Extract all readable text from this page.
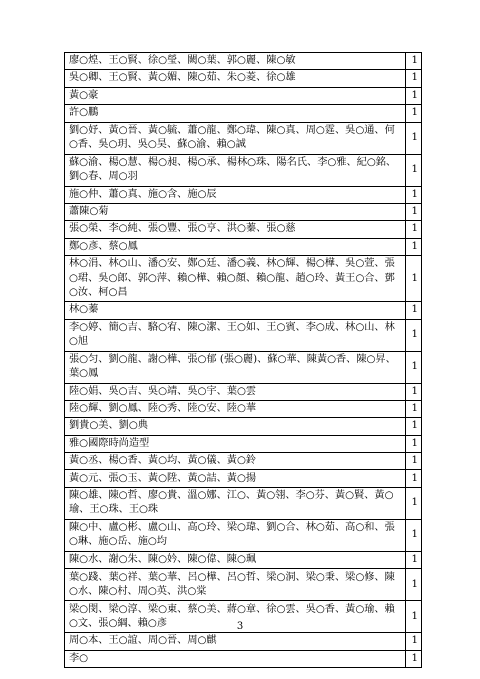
廖○煌、王○賢、徐○瑩、闕○葉、郭○麗、陳○敏	1
吳○卿、王○賢、黃○媚、陳○茹、朱○菱、徐○雄	1
黃○豪	1
許○鵬	1
劉○妤、黃○晉、黃○毓、蕭○龍、鄭○瑋、陳○真、周○霆、吳○通、何○香、吳○玥、吳○昊、蘇○渝、賴○誠	1
蘇○渝、楊○慧、楊○昶、楊○承、楊林○珠、陽名氏、李○雅、紀○銘、劉○春、周○羽	1
施○仲、蕭○真、施○含、施○辰	1
蕭陳○菊	1
張○榮、李○純、張○豐、張○亨、洪○蓁、張○慈	1
鄭○彥、蔡○鳳	1
林○涓、林○山、潘○安、鄭○廷、潘○義、林○輝、楊○樺、吳○萱、張○珺、吳○郎、郭○萍、賴○樺、賴○顏、賴○龍、趙○玲、黃王○合、鄧○汝、柯○昌	1
林○蓁	1
李○婷、簡○吉、駱○宥、陳○潔、王○如、王○賓、李○成、林○山、林○旭	1
張○匀、劉○龍、謝○樺、張○郁 (張○麗)、蘇○華、陳黃○香、陳○昇、葉○鳳	1
陸○娟、吳○吉、吳○靖、吳○宇、葉○雲	1
陸○輝、劉○鳳、陸○秀、陸○安、陸○華	1
劉貴○美、劉○典	1
雅○國際時尚造型	1
黃○丞、楊○香、黃○均、黃○儀、黃○鈴	1
黃○元、張○玉、黃○陞、黃○詰、黃○揚	1
陳○雄、陳○哲、廖○貴、溫○娜、江○、黃○翎、李○芬、黃○賢、黃○瑜、王○珠、王○珠	1
陳○中、盧○彬、盧○山、高○玲、梁○瑋、劉○合、林○茹、高○和、張○琳、施○岳、施○均	1
陳○水、謝○朱、陳○妗、陳○偉、陳○珮	1
葉○踐、葉○祥、葉○華、呂○樺、呂○哲、梁○洞、梁○秉、梁○修、陳○水、陳○村、周○英、洪○棠	1
梁○閔、梁○淳、梁○東、蔡○美、蔣○章、徐○雲、吳○香、黃○瑜、賴○文、張○綱、賴○彥	1
周○本、王○誼、周○晉、周○麒	1
李○	1
3
